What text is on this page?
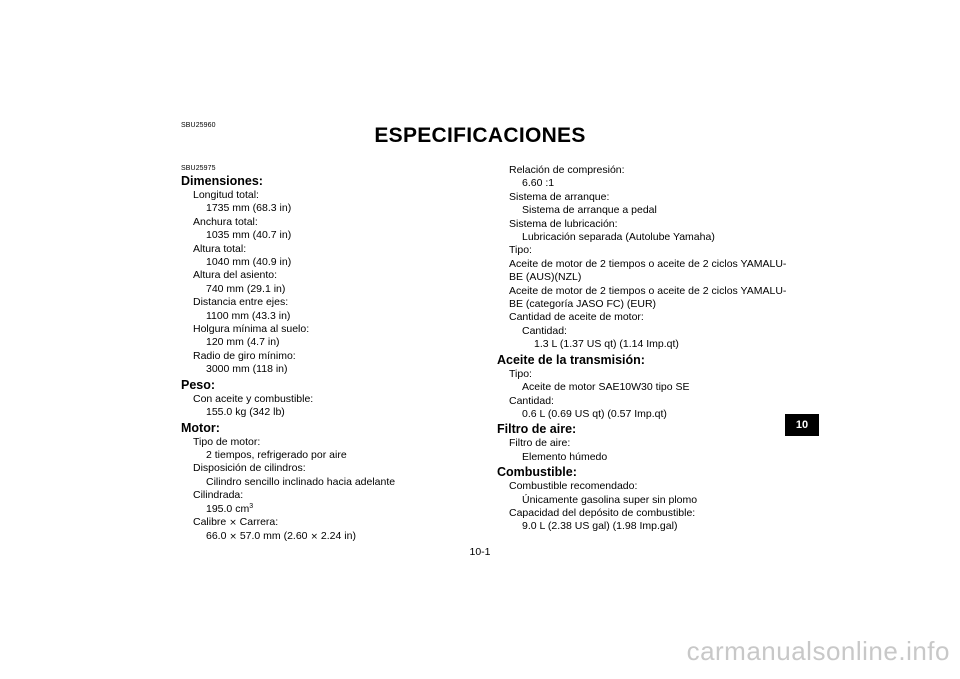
SBU25960	ESPECIFICACIONES
SBU25975
Dimensiones:
Longitud total:
1735 mm (68.3 in)
Anchura total:
1035 mm (40.7 in)
Altura total:
1040 mm (40.9 in)
Altura del asiento:
740 mm (29.1 in)
Distancia entre ejes:
1100 mm (43.3 in)
Holgura mínima al suelo:
120 mm (4.7 in)
Radio de giro mínimo:
3000 mm (118 in)
Peso:
Con aceite y combustible:
155.0 kg (342 lb)
Motor:
Tipo de motor:
2 tiempos, refrigerado por aire
Disposición de cilindros:
Cilindro sencillo inclinado hacia adelante
Cilindrada:
195.0 $cm^3$
Calibre × Carrera:
66.0 × 57.0 mm (2.60 × 2.24 in)
Relación de compresión:
6.60 :1
Sistema de arranque:
Sistema de arranque a pedal
Sistema de lubricación:
Lubricación separada (Autolube Yamaha)
Tipo:
Aceite de motor de 2 tiempos o aceite de 2 ciclos YAMALU-BE (AUS)(NZL)
Aceite de motor de 2 tiempos o aceite de 2 ciclos YAMALU-BE (categoría JASO FC) (EUR)
Cantidad de aceite de motor:
Cantidad:
1.3 L (1.37 US qt) (1.14 Imp.qt)
Aceite de la transmisión:
Tipo:
Aceite de motor SAE10W30 tipo SE
Cantidad:
0.6 L (0.69 US qt) (0.57 Imp.qt)
Filtro de aire:
Filtro de aire:
Elemento húmedo
Combustible:
Combustible recomendado:
Únicamente gasolina super sin plomo
Capacidad del depósito de combustible:
9.0 L (2.38 US gal) (1.98 Imp.gal)
10
10-1
carmanualsonline.info
